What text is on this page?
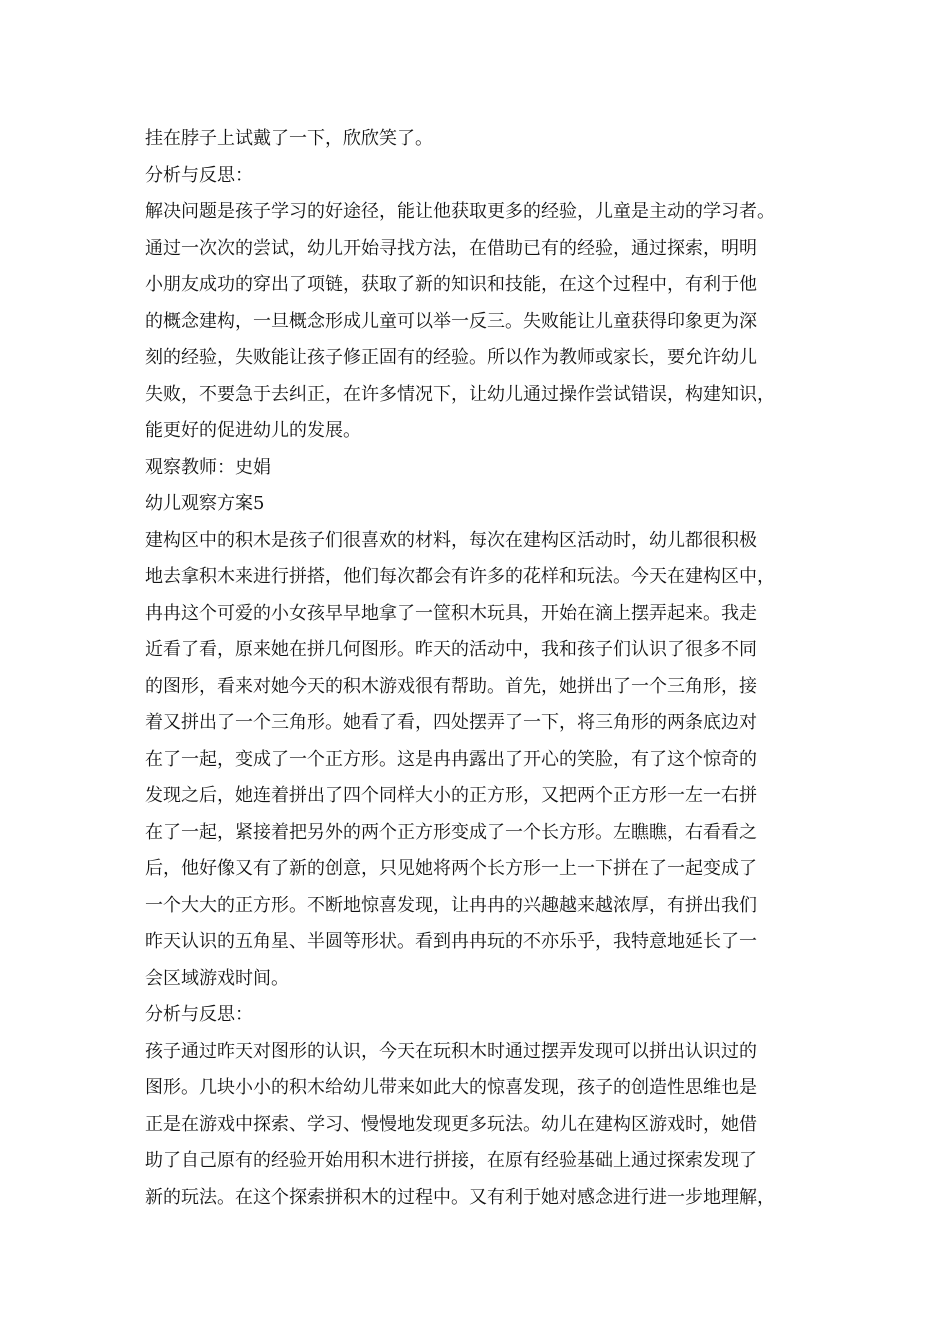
挂在脖子上试戴了一下，欣欣笑了。
分析与反思：
解决问题是孩子学习的好途径，能让他获取更多的经验，儿童是主动的学习者。
通过一次次的尝试，幼儿开始寻找方法，在借助已有的经验，通过探索，明明
小朋友成功的穿出了项链，获取了新的知识和技能，在这个过程中，有利于他
的概念建构，一旦概念形成儿童可以举一反三。失败能让儿童获得印象更为深
刻的经验，失败能让孩子修正固有的经验。所以作为教师或家长，要允许幼儿
失败，不要急于去纠正，在许多情况下，让幼儿通过操作尝试错误，构建知识，
能更好的促进幼儿的发展。
观察教师：史娟
幼儿观察方案5
建构区中的积木是孩子们很喜欢的材料，每次在建构区活动时，幼儿都很积极
地去拿积木来进行拼搭，他们每次都会有许多的花样和玩法。今天在建构区中，
冉冉这个可爱的小女孩早早地拿了一筐积木玩具，开始在滴上摆弄起来。我走
近看了看，原来她在拼几何图形。昨天的活动中，我和孩子们认识了很多不同
的图形，看来对她今天的积木游戏很有帮助。首先，她拼出了一个三角形，接
着又拼出了一个三角形。她看了看，四处摆弄了一下，将三角形的两条底边对
在了一起，变成了一个正方形。这是冉冉露出了开心的笑脸，有了这个惊奇的
发现之后，她连着拼出了四个同样大小的正方形，又把两个正方形一左一右拼
在了一起，紧接着把另外的两个正方形变成了一个长方形。左瞧瞧，右看看之
后，他好像又有了新的创意，只见她将两个长方形一上一下拼在了一起变成了
一个大大的正方形。不断地惊喜发现，让冉冉的兴趣越来越浓厚，有拼出我们
昨天认识的五角星、半圆等形状。看到冉冉玩的不亦乐乎，我特意地延长了一
会区域游戏时间。
分析与反思：
孩子通过昨天对图形的认识，今天在玩积木时通过摆弄发现可以拼出认识过的
图形。几块小小的积木给幼儿带来如此大的惊喜发现，孩子的创造性思维也是
正是在游戏中探索、学习、慢慢地发现更多玩法。幼儿在建构区游戏时，她借
助了自己原有的经验开始用积木进行拼接，在原有经验基础上通过探索发现了
新的玩法。在这个探索拼积木的过程中。又有利于她对感念进行进一步地理解，
